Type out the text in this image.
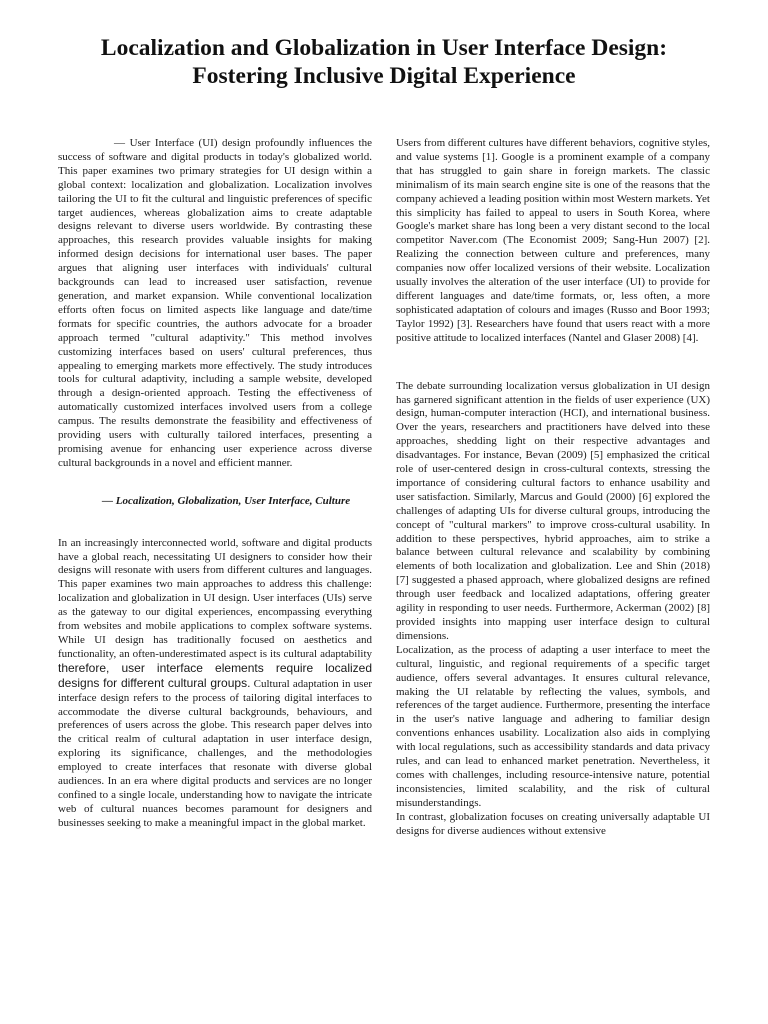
Localization and Globalization in User Interface Design:
Fostering Inclusive Digital Experience

— User Interface (UI) design profoundly influences the success of software and digital products in today's globalized world. This paper examines two primary strategies for UI design within a global context: localization and globalization. Localization involves tailoring the UI to fit the cultural and linguistic preferences of specific target audiences, whereas globalization aims to create adaptable designs relevant to diverse users worldwide. By contrasting these approaches, this research provides valuable insights for making informed design decisions for international user bases. The paper argues that aligning user interfaces with individuals' cultural backgrounds can lead to increased user satisfaction, revenue generation, and market expansion. While conventional localization efforts often focus on limited aspects like language and date/time formats for specific countries, the authors advocate for a broader approach termed "cultural adaptivity." This method involves customizing interfaces based on users' cultural preferences, thus appealing to emerging markets more effectively. The study introduces tools for cultural adaptivity, including a sample website, developed through a design-oriented approach. Testing the effectiveness of automatically customized interfaces involved users from a college campus. The results demonstrate the feasibility and effectiveness of providing users with culturally tailored interfaces, presenting a promising avenue for enhancing user experience across diverse cultural backgrounds in a novel and efficient manner.

— Localization, Globalization, User Interface, Culture

In an increasingly interconnected world, software and digital products have a global reach, necessitating UI designers to consider how their designs will resonate with users from different cultures and languages. This paper examines two main approaches to address this challenge: localization and globalization in UI design. User interfaces (UIs) serve as the gateway to our digital experiences, encompassing everything from websites and mobile applications to complex software systems. While UI design has traditionally focused on aesthetics and functionality, an often-underestimated aspect is its cultural adaptability therefore, user interface elements require localized designs for different cultural groups. Cultural adaptation in user interface design refers to the process of tailoring digital interfaces to accommodate the diverse cultural backgrounds, behaviours, and preferences of users across the globe. This research paper delves into the critical realm of cultural adaptation in user interface design, exploring its significance, challenges, and the methodologies employed to create interfaces that resonate with diverse global audiences. In an era where digital products and services are no longer confined to a single locale, understanding how to navigate the intricate web of cultural nuances becomes paramount for designers and businesses seeking to make a meaningful impact in the global market.

Users from different cultures have different behaviors, cognitive styles, and value systems [1]. Google is a prominent example of a company that has struggled to gain share in foreign markets. The classic minimalism of its main search engine site is one of the reasons that the company achieved a leading position within most Western markets. Yet this simplicity has failed to appeal to users in South Korea, where Google's market share has long been a very distant second to the local competitor Naver.com (The Economist 2009; Sang-Hun 2007) [2]. Realizing the connection between culture and preferences, many companies now offer localized versions of their website. Localization usually involves the alteration of the user interface (UI) to provide for different languages and date/time formats, or, less often, a more sophisticated adaptation of colours and images (Russo and Boor 1993; Taylor 1992) [3]. Researchers have found that users react with a more positive attitude to localized interfaces (Nantel and Glaser 2008) [4].

The debate surrounding localization versus globalization in UI design has garnered significant attention in the fields of user experience (UX) design, human-computer interaction (HCI), and international business. Over the years, researchers and practitioners have delved into these approaches, shedding light on their respective advantages and disadvantages. For instance, Bevan (2009) [5] emphasized the critical role of user-centered design in cross-cultural contexts, stressing the importance of considering cultural factors to enhance usability and user satisfaction. Similarly, Marcus and Gould (2000) [6] explored the challenges of adapting UIs for diverse cultural groups, introducing the concept of "cultural markers" to improve cross-cultural usability. In addition to these perspectives, hybrid approaches, aim to strike a balance between cultural relevance and scalability by combining elements of both localization and globalization. Lee and Shin (2018) [7] suggested a phased approach, where globalized designs are refined through user feedback and localized adaptations, offering greater agility in responding to user needs. Furthermore, Ackerman (2002) [8] provided insights into mapping user interface design to cultural dimensions.

Localization, as the process of adapting a user interface to meet the cultural, linguistic, and regional requirements of a specific target audience, offers several advantages. It ensures cultural relevance, making the UI relatable by reflecting the values, symbols, and references of the target audience. Furthermore, presenting the interface in the user's native language and adhering to familiar design conventions enhances usability. Localization also aids in complying with local regulations, such as accessibility standards and data privacy rules, and can lead to enhanced market penetration. Nevertheless, it comes with challenges, including resource-intensive nature, potential inconsistencies, limited scalability, and the risk of cultural misunderstandings.

In contrast, globalization focuses on creating universally adaptable UI designs for diverse audiences without extensive
